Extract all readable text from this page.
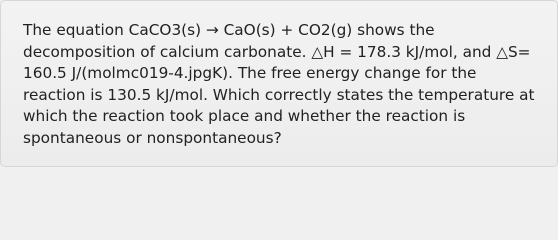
The equation CaCO3(s) → CaO(s) + CO2(g) shows the decomposition of calcium carbonate. △H = 178.3 kJ/mol, and △S= 160.5 J/(molmc019-4.jpgK). The free energy change for the reaction is 130.5 kJ/mol. Which correctly states the temperature at which the reaction took place and whether the reaction is spontaneous or nonspontaneous?
